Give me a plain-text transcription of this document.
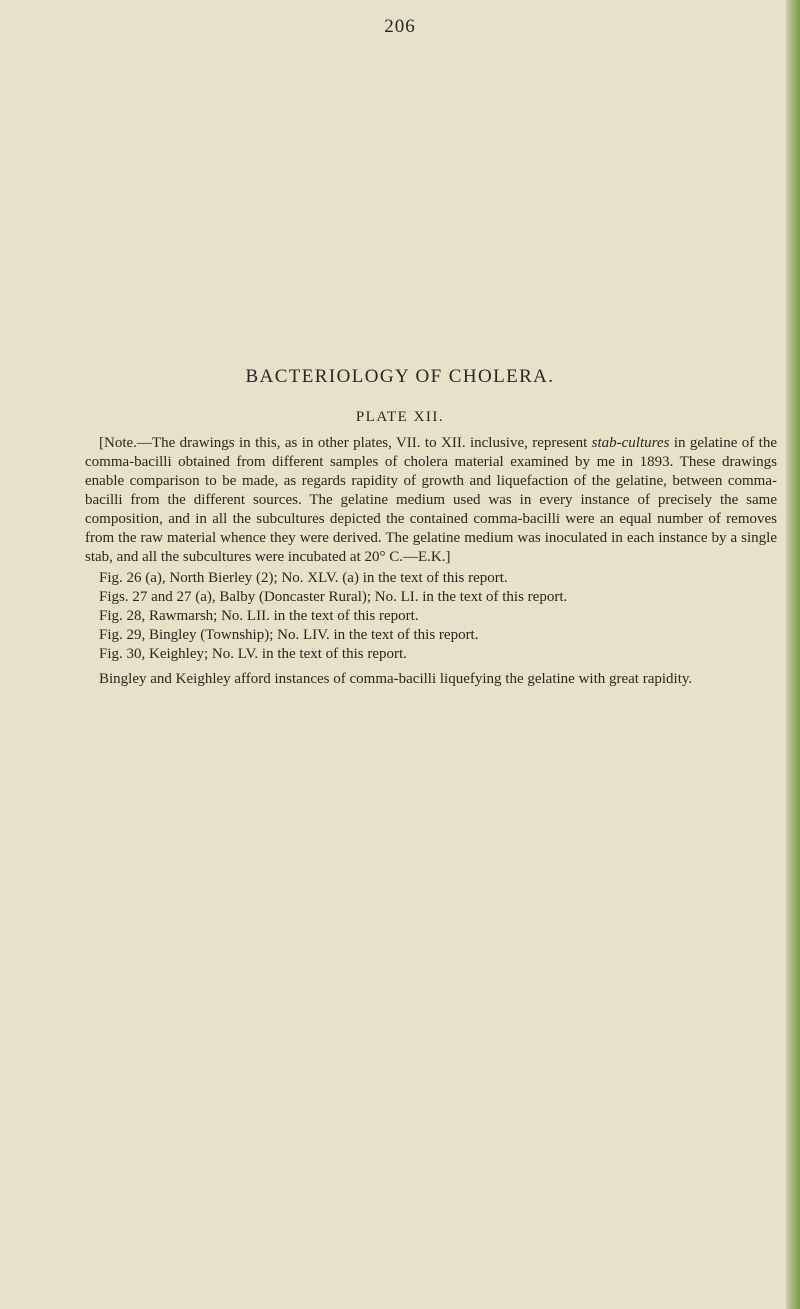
206
BACTERIOLOGY OF CHOLERA.
PLATE XII.

[Note.—The drawings in this, as in other plates, VII. to XII. inclusive, represent stab-cultures in gelatine of the comma-bacilli obtained from different samples of cholera material examined by me in 1893. These drawings enable comparison to be made, as regards rapidity of growth and liquefaction of the gelatine, between comma-bacilli from the different sources. The gelatine medium used was in every instance of precisely the same composition, and in all the subcultures depicted the contained comma-bacilli were an equal number of removes from the raw material whence they were derived. The gelatine medium was inoculated in each instance by a single stab, and all the subcultures were incubated at 20° C.—E.K.]

Fig. 26 (a), North Bierley (2); No. XLV. (a) in the text of this report.
Figs. 27 and 27 (a), Balby (Doncaster Rural); No. LI. in the text of this report.
Fig. 28, Rawmarsh; No. LII. in the text of this report.
Fig. 29, Bingley (Township); No. LIV. in the text of this report.
Fig. 30, Keighley; No. LV. in the text of this report.

Bingley and Keighley afford instances of comma-bacilli liquefying the gelatine with great rapidity.
